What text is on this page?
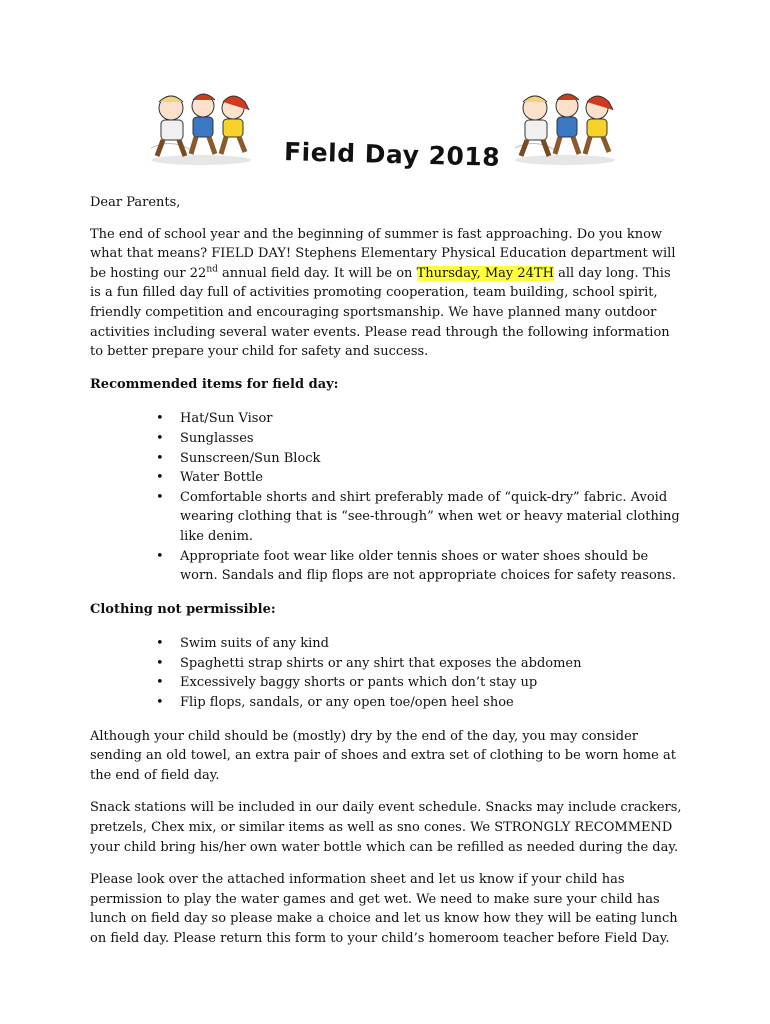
Field Day 2018

Dear Parents,

The end of school year and the beginning of summer is fast approaching. Do you know what that means? FIELD DAY! Stephens Elementary Physical Education department will be hosting our 22nd annual field day. It will be on Thursday, May 24TH all day long. This is a fun filled day full of activities promoting cooperation, team building, school spirit, friendly competition and encouraging sportsmanship. We have planned many outdoor activities including several water events. Please read through the following information to better prepare your child for safety and success.

Recommended items for field day:

• Hat/Sun Visor
• Sunglasses
• Sunscreen/Sun Block
• Water Bottle
• Comfortable shorts and shirt preferably made of “quick-dry” fabric. Avoid wearing clothing that is “see-through” when wet or heavy material clothing like denim.
• Appropriate foot wear like older tennis shoes or water shoes should be worn. Sandals and flip flops are not appropriate choices for safety reasons.

Clothing not permissible:

• Swim suits of any kind
• Spaghetti strap shirts or any shirt that exposes the abdomen
• Excessively baggy shorts or pants which don’t stay up
• Flip flops, sandals, or any open toe/open heel shoe

Although your child should be (mostly) dry by the end of the day, you may consider sending an old towel, an extra pair of shoes and extra set of clothing to be worn home at the end of field day.

Snack stations will be included in our daily event schedule. Snacks may include crackers, pretzels, Chex mix, or similar items as well as sno cones. We STRONGLY RECOMMEND your child bring his/her own water bottle which can be refilled as needed during the day.

Please look over the attached information sheet and let us know if your child has permission to play the water games and get wet. We need to make sure your child has lunch on field day so please make a choice and let us know how they will be eating lunch on field day. Please return this form to your child’s homeroom teacher before Field Day.
